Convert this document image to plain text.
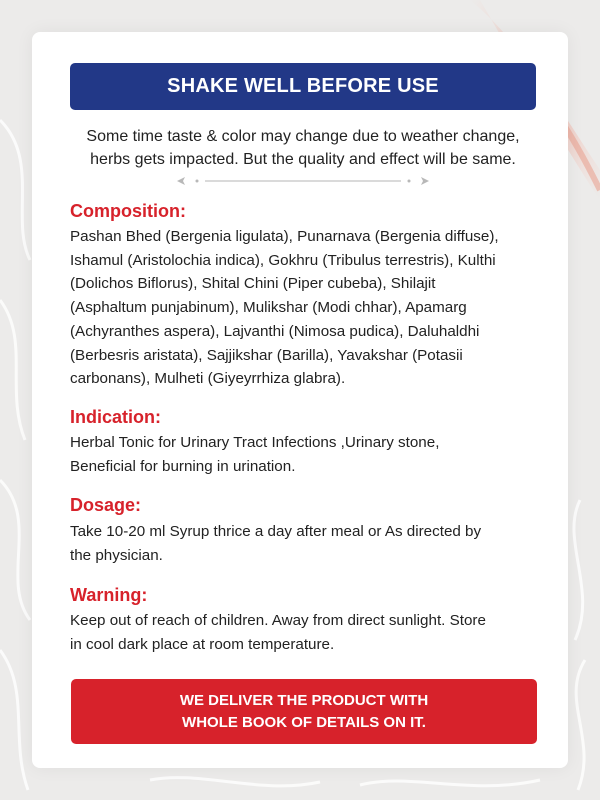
SHAKE WELL BEFORE USE
Some time taste & color may change due to weather change,
herbs gets impacted. But the quality and effect will be same.
Composition:
Pashan Bhed (Bergenia ligulata), Punarnava (Bergenia diffuse),
Ishamul (Aristolochia indica), Gokhru (Tribulus terrestris), Kulthi
(Dolichos Biflorus), Shital Chini (Piper cubeba), Shilajit
(Asphaltum punjabinum), Mulikshar (Modi chhar), Apamarg
(Achyranthes aspera), Lajvanthi (Nimosa pudica), Daluhaldhi
(Berbesris aristata), Sajjikshar (Barilla), Yavakshar (Potasii
carbonans), Mulheti (Giyeyrrhiza glabra).
Indication:
Herbal Tonic for Urinary Tract Infections ,Urinary stone,
Beneficial for burning in urination.
Dosage:
Take 10-20 ml Syrup thrice a day after meal or As directed by
the physician.
Warning:
Keep out of reach of children. Away from direct sunlight. Store
in cool dark place at room temperature.
WE DELIVER THE PRODUCT WITH
WHOLE BOOK OF DETAILS ON IT.
